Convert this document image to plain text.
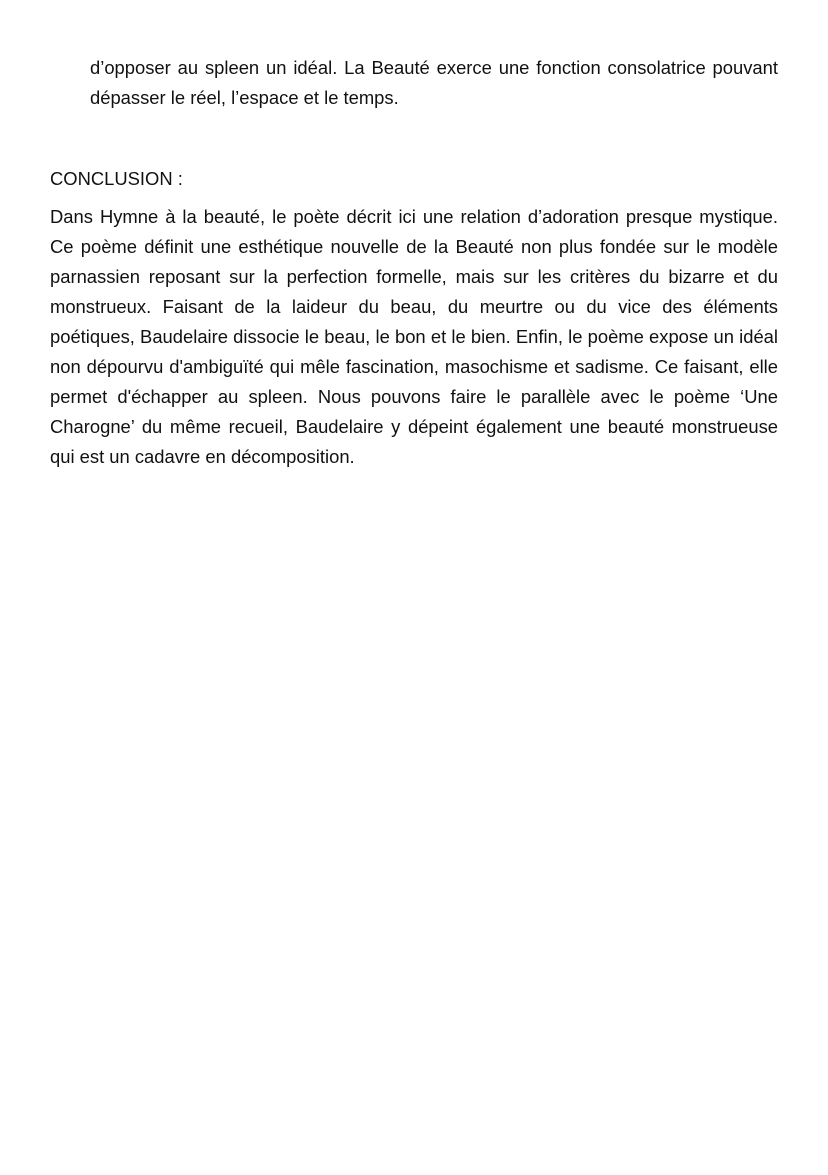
d’opposer au spleen un idéal. La Beauté exerce une fonction consolatrice pouvant dépasser le réel, l’espace et le temps.

CONCLUSION :

Dans Hymne à la beauté, le poète décrit ici une relation d’adoration presque mystique. Ce poème définit une esthétique nouvelle de la Beauté non plus fondée sur le modèle parnassien reposant sur la perfection formelle, mais sur les critères du bizarre et du monstrueux. Faisant de la laideur du beau, du meurtre ou du vice des éléments poétiques, Baudelaire dissocie le beau, le bon et le bien. Enfin, le poème expose un idéal non dépourvu d'ambiguïté qui mêle fascination, masochisme et sadisme. Ce faisant, elle permet d'échapper au spleen. Nous pouvons faire le parallèle avec le poème ‘Une Charogne’ du même recueil, Baudelaire y dépeint également une beauté monstrueuse qui est un cadavre en décomposition.
